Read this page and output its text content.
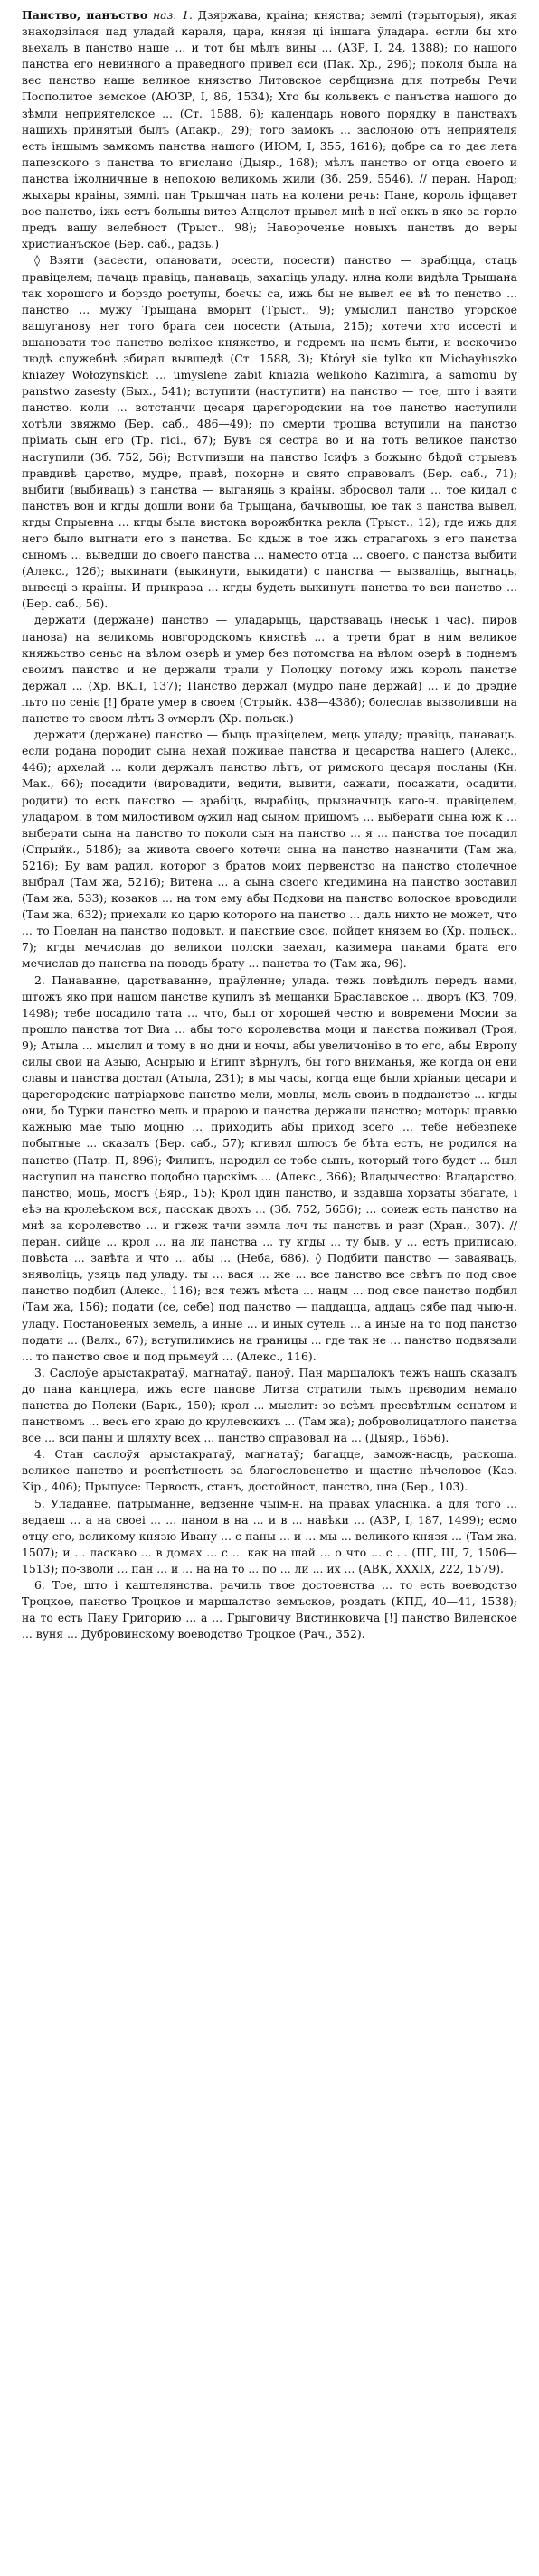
Панство, панъство наз. 1. Дзяржава, краіна; княства; землі (тэрыторыя), якая знаходзілася пад уладай караля, цара, князя ці іншага ўладара. естли бы хто вьехалъ в панство наше ... и тот бы мѣлъ вины ... (АЗР, І, 24, 1388); по нашого панства его невинного а праведного привел єси (Пак. Хр., 296); поколя была на вес панство наше великое князство Литовское сербщизна для потребы Речи Посполитое земское (АЮЗР, І, 86, 1534); Хто бы кольвекъ с панъства нашого до зѣмли неприятелское ... (Ст. 1588, 6); календарь нового порядку в панствахъ нашихъ принятый былъ (Апакр., 29); того замокъ ... заслоною отъ неприятеля есть іншымъ замкомъ панства нашого (ИЮМ, І, 355, 1616); добре са то дає лета папезского з панства то вгислано (Дыяр., 168); мѣлъ панство от отца своего и панства іжолничные в непокою великомь жили (Зб. 259, 5546). // перан. Народ; жыхары краіны, зямлі. пан Трышчан пать на колени речь: Пане, король іфщавет вое панство, іжь естъ большы витез Анцєлот прывел мнѣ в неї еккъ в яко за горло предъ вашу велебност (Трыст., 98); Навороченье новыхъ панствъ до веры христианъское (Бер. саб., радзь.)

◊ Взяти (засести, опановати, осести, посести) панство — зрабіцца, стаць правіцелем; пачаць правіць, панаваць; захапіць уладу. илна коли видѣла Трыщана так хорошого и борздо роступы, боєчы са, ижь бы не вывел ее вѣ то пенство ... панство ... мужу Трыщана вморыт (Трыст., 9); умыслил панство угорское вашуганову нег того брата сеи посести (Атыла, 215); хотечи хто иссесті и вшановати тое панство велікое княжство, и гсдремъ на немъ быти, и воскочиво людѣ служебнѣ збирал вывшедѣ (Ст. 1588, 3); Którył sie tylko кп Michayłuszko kniazey Wołozynskich ... umyslene zabit kniazia welikoho Kazimira, a samomu by panstwo zasesty (Бых., 541); вступити (наступити) на панство — тое, што і взяти панство. коли ... вотстанчи цесаря царегородскии на тое панство наступили хотѣли звяжмо (Бер. саб., 486—49); по смерти трошва вступили на панство прімать сын его (Тр. гісі., 67); Бувъ ся сестра во и на тотъ великое панство наступили (Зб. 752, 56); Встѵпивши на панство Ісифъ з божыно бѣдой стрыевъ правдивѣ царство, мудре, правѣ, покорне и свято справовалъ (Бер. саб., 71); выбити (выбиваць) з панства — выганяць з краіны. збросвол тали ... тое кидал с панствъ вон и кгды дошли вони ба Трыщана, бачывошы, юе так з панства вывел, кгды Спрыевна ... кгды была вистока ворожбитка рекла (Трыст., 12); где ижь для него было выгнати его з панства. Бо кдыж в тое ижь страгагохь з его панства сыномъ ... выведши до своего панства ... наместо отца ... своего, с панства выбити (Алекс., 126); выкинати (выкинути, выкидати) с панства — вызваліць, выгнаць, вывесці з краіны. И прыкраза ... кгды будеть выкинуть панства то вси панство ... (Бер. саб., 56).

держати (держане) панство — уладарыць, царстваваць (неськ і час). пиров панова) на великомь новгородскомъ княствѣ ... а трети брат в ним великое княжьство сеньс на вѣлом озерѣ и умер без потомства на вѣлом озерѣ в поднемъ своимъ панство и не держали трали у Полоцку потому ижь король панстве держал ... (Хр. ВКЛ, 137); Панство держал (мудро пане держай) ... и до дрэдие льто по сеніє [!] брате умер в своем (Стрыйк. 438—438б); болеслав вызволивши на панстве то своєм лѣтъ 3 ѹмерлъ (Хр. польск.)

держати (держане) панство — быць правіцелем, мець уладу; правіць, панаваць. если родана породит сына нехай поживае панства и цесарства нашего (Алекс., 446); архелай ... коли держалъ панство лѣтъ, от римского цесаря посланы (Кн. Мак., 66); посадити (вировадити, ведити, вывити, сажати, посажати, осадити, родити) то есть панство — зрабіць, вырабіць, прызначыць каго-н. правіцелем, уладаром. в том милостивом ѹжил над сыном пришомъ ... выберати сына юж к ... выберати сына на панство то поколи сын на панство ... я ... панства тое посадил (Спрыйк., 518б); за живота своего хотечи сына на панство назначити (Там жа, 5216); Бу вам радил, которог з братов моих первенство на панство столечное выбрал (Там жа, 5216); Витена ... а сына своего кгедимина на панство зоставил (Там жа, 533); козаков ... на том ему абы Подкови на панство волоское вроводили (Там жа, 632); приехали ко царю которого на панство ... даль нихто не может, что ... то Поелан на панство подовыт, и панствие своє, пойдет князем во (Хр. польск., 7); кгды мечислав до великои полски заехал, казимера панами брата его мечислав до панства на поводь брату ... панства то (Там жа, 96).

2. Панаванне, царстваванне, праўленне; улада. тежь повѣдилъ передъ нами, штожъ яко при нашом панстве купилъ вѣ мещанки Браславское ... дворъ (КЗ, 709, 1498); тебе посадило тата ... что, был от хорошей честю и вовремени Мосии за прошло панства тот Виа ... абы того королевства моци и панства поживал (Троя, 9); Атыла ... мыслил и тому в но дни и ночы, абы увеличоніво в то его, абы Европу силы свои на Азыю, Асырыю и Египт вѣрнулъ, бы того вниманья, же когда он ени славы и панства достал (Атыла, 231); в мы часы, когда еще были хріаныи цесари и царегородские патріархове панство мели, мовлы, мель своиъ в подданство ... кгды они, бо Турки панство мель и прарою и панства держали панство; моторы правью кажныю мае тыю моцню ... приходить абы приход всего ... тебе небезпеке побытные ... сказалъ (Бер. саб., 57); кгивил шлюсъ бе бѣта естъ, не родился на панство (Патр. П, 896); Филипъ, народил се тобе сынъ, который того будет ... был наступил на панство подобно царскімъ ... (Алекс., 366); Владычество: Владарство, панство, моць, мостъ (Бяр., 15); Крол ідин панство, и вздавша хорзаты збагате, і еѣэ на кролеѣском вся, пасскак двохъ ... (Зб. 752, 5656); ... соиеж есть панство на мнѣ за королевство ... и гжеж тачи зэмла лоч ты панствъ и разг (Хран., 307). // перан. сийце ... крол ... на ли панства ... ту кгды ... ту быв, у ... естъ приписаю, повѣста ... завѣта и что ... абы ... (Неба, 686). ◊ Подбити панство — заваяваць, зняволіць, узяць пад уладу. ты ... вася ... же ... все панство все свѣтъ по под свое панство подбил (Алекс., 116); вся тежъ мѣста ... нацм ... под свое панство подбил (Там жа, 156); подати (се, себе) под панство — паддацца, аддаць сябе пад чыю-н. уладу. Постановеных земель, а иные ... и иных сутель ... а иные на то под панство подати ... (Валх., 67); вступилимись на границы ... где так не ... панство подвязали ... то панство свое и под прьмеуй ... (Алекс., 116).

3. Саслоўе арыстакратаў, магнатаў, паноў. Пан маршалокъ тежъ нашъ сказалъ до пана канцлера, ижъ есте панове Литва стратили тымъ прєводим немало панства до Полски (Барк., 150); крол ... мыслит: зо всѣмъ пресвѣтлым сенатом и панствомъ ... весь его краю до крулевскихъ ... (Там жа); доброволицатлого панства все ... вси паны и шляхту всех ... панство справовал на ... (Дыяр., 1656).

4. Стан саслоўя арыстакратаў, магнатаў; багацце, замож-насць, раскоша. великое панство и роспѣстность за благословенство и щастие нѣчеловое (Каз. Kip., 406); Прыпусе: Первость, станъ, достойност, панство, цна (Бер., 103).

5. Уладанне, патрыманне, ведзенне чыім-н. на правах уласніка. а для того ... ведаеш ... а на своеі ... ... паном в на ... и в ... навѣки ... (АЗР, І, 187, 1499); есмо отцу его, великому князю Ивану ... с паны ... и ... мы ... великого князя ... (Там жа, 1507); и ... ласкаво ... в домах ... с ... как на шай ... о что ... с ... (ПГ, ІІІ, 7, 1506—1513); по-зволи ... пан ... и ... на на то ... по ... ли ... их ... (АВК, XXXIX, 222, 1579).

6. Тое, што і каштелянства. рачиль твое достоенства ... то есть воеводство Троцкое, панство Троцкое и маршалство земъское, роздать (КПД, 40—41, 1538); на то есть Пану Григорию ... а ... Грыговичу Вистинковича [!] панство Виленское ... вуня ... Дубровинскому воеводство Троцкое (Рач., 352).
